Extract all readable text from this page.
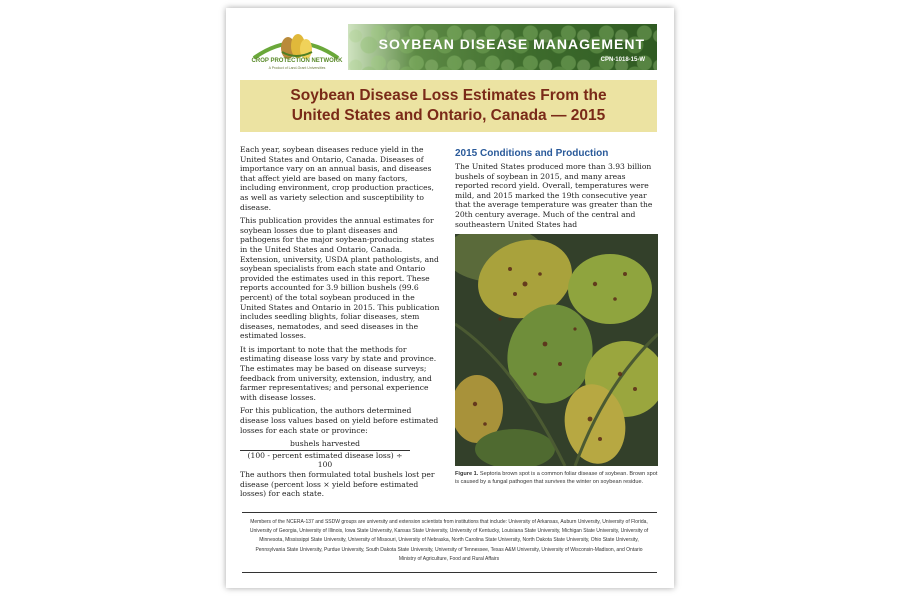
CROP PROTECTION NETWORK
A Product of Land-Grant Universities
SOYBEAN DISEASE MANAGEMENT
CPN-1018-15-W
Soybean Disease Loss Estimates From the United States and Ontario, Canada — 2015

Each year, soybean diseases reduce yield in the United States and Ontario, Canada. Diseases of importance vary on an annual basis, and diseases that affect yield are based on many factors, including environment, crop production practices, as well as variety selection and susceptibility to disease.

This publication provides the annual estimates for soybean losses due to plant diseases and pathogens for the major soybean-producing states in the United States and Ontario, Canada. Extension, university, USDA plant pathologists, and soybean specialists from each state and Ontario provided the estimates used in this report. These reports accounted for 3.9 billion bushels (99.6 percent) of the total soybean produced in the United States and Ontario in 2015. This publication includes seedling blights, foliar diseases, stem diseases, nematodes, and seed diseases in the estimated losses.

It is important to note that the methods for estimating disease loss vary by state and province. The estimates may be based on disease surveys; feedback from university, extension, industry, and farmer representatives; and personal experience with disease losses.

For this publication, the authors determined disease loss values based on yield before estimated losses for each state or province:

bushels harvested
(100 - percent estimated disease loss) ÷ 100

The authors then formulated total bushels lost per disease (percent loss × yield before estimated losses) for each state.

2015 Conditions and Production

The United States produced more than 3.93 billion bushels of soybean in 2015, and many areas reported record yield. Overall, temperatures were mild, and 2015 marked the 19th consecutive year that the average temperature was greater than the 20th century average. Much of the central and southeastern United States had

Figure 1. Septoria brown spot is a common foliar disease of soybean. Brown spot is caused by a fungal pathogen that survives the winter on soybean residue.
Members of the NCERA-137 and SSDW groups are university and extension scientists from institutions that include: University of Arkansas, Auburn University, University of Florida, University of Georgia, University of Illinois, Iowa State University, Kansas State University, University of Kentucky, Louisiana State University, Michigan State University, University of Minnesota, Mississippi State University, University of Missouri, University of Nebraska, North Carolina State University, North Dakota State University, Ohio State University, Pennsylvania State University, Purdue University, South Dakota State University, University of Tennessee, Texas A&M University, University of Wisconsin-Madison, and Ontario Ministry of Agriculture, Food and Rural Affairs
